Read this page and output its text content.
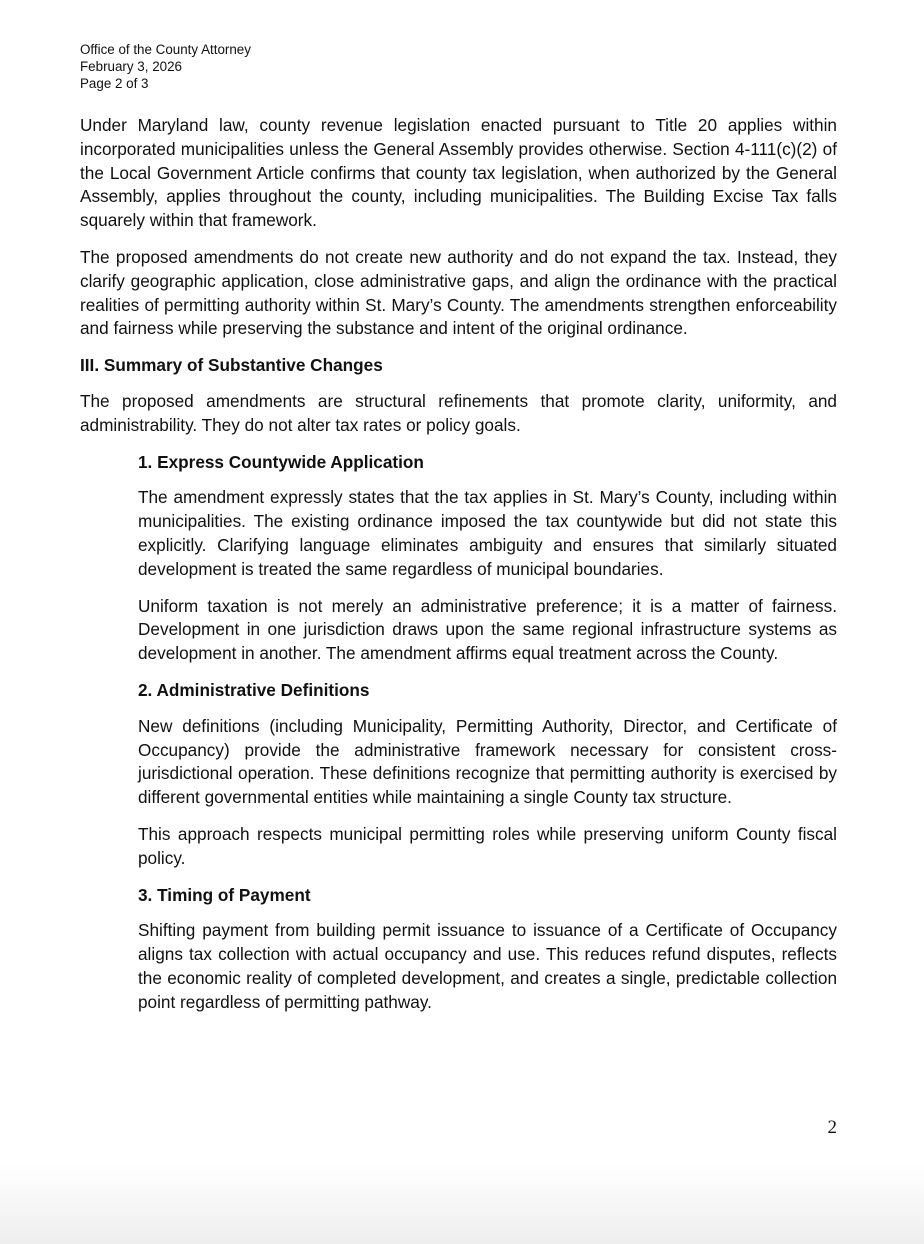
Office of the County Attorney
February 3, 2026
Page 2 of 3

Under Maryland law, county revenue legislation enacted pursuant to Title 20 applies within incorporated municipalities unless the General Assembly provides otherwise. Section 4-111(c)(2) of the Local Government Article confirms that county tax legislation, when authorized by the General Assembly, applies throughout the county, including municipalities. The Building Excise Tax falls squarely within that framework.

The proposed amendments do not create new authority and do not expand the tax. Instead, they clarify geographic application, close administrative gaps, and align the ordinance with the practical realities of permitting authority within St. Mary’s County. The amendments strengthen enforceability and fairness while preserving the substance and intent of the original ordinance.

III. Summary of Substantive Changes

The proposed amendments are structural refinements that promote clarity, uniformity, and administrability. They do not alter tax rates or policy goals.

1. Express Countywide Application

The amendment expressly states that the tax applies in St. Mary’s County, including within municipalities. The existing ordinance imposed the tax countywide but did not state this explicitly. Clarifying language eliminates ambiguity and ensures that similarly situated development is treated the same regardless of municipal boundaries.

Uniform taxation is not merely an administrative preference; it is a matter of fairness. Development in one jurisdiction draws upon the same regional infrastructure systems as development in another. The amendment affirms equal treatment across the County.

2. Administrative Definitions

New definitions (including Municipality, Permitting Authority, Director, and Certificate of Occupancy) provide the administrative framework necessary for consistent cross-jurisdictional operation. These definitions recognize that permitting authority is exercised by different governmental entities while maintaining a single County tax structure.

This approach respects municipal permitting roles while preserving uniform County fiscal policy.

3. Timing of Payment

Shifting payment from building permit issuance to issuance of a Certificate of Occupancy aligns tax collection with actual occupancy and use. This reduces refund disputes, reflects the economic reality of completed development, and creates a single, predictable collection point regardless of permitting pathway.

2
